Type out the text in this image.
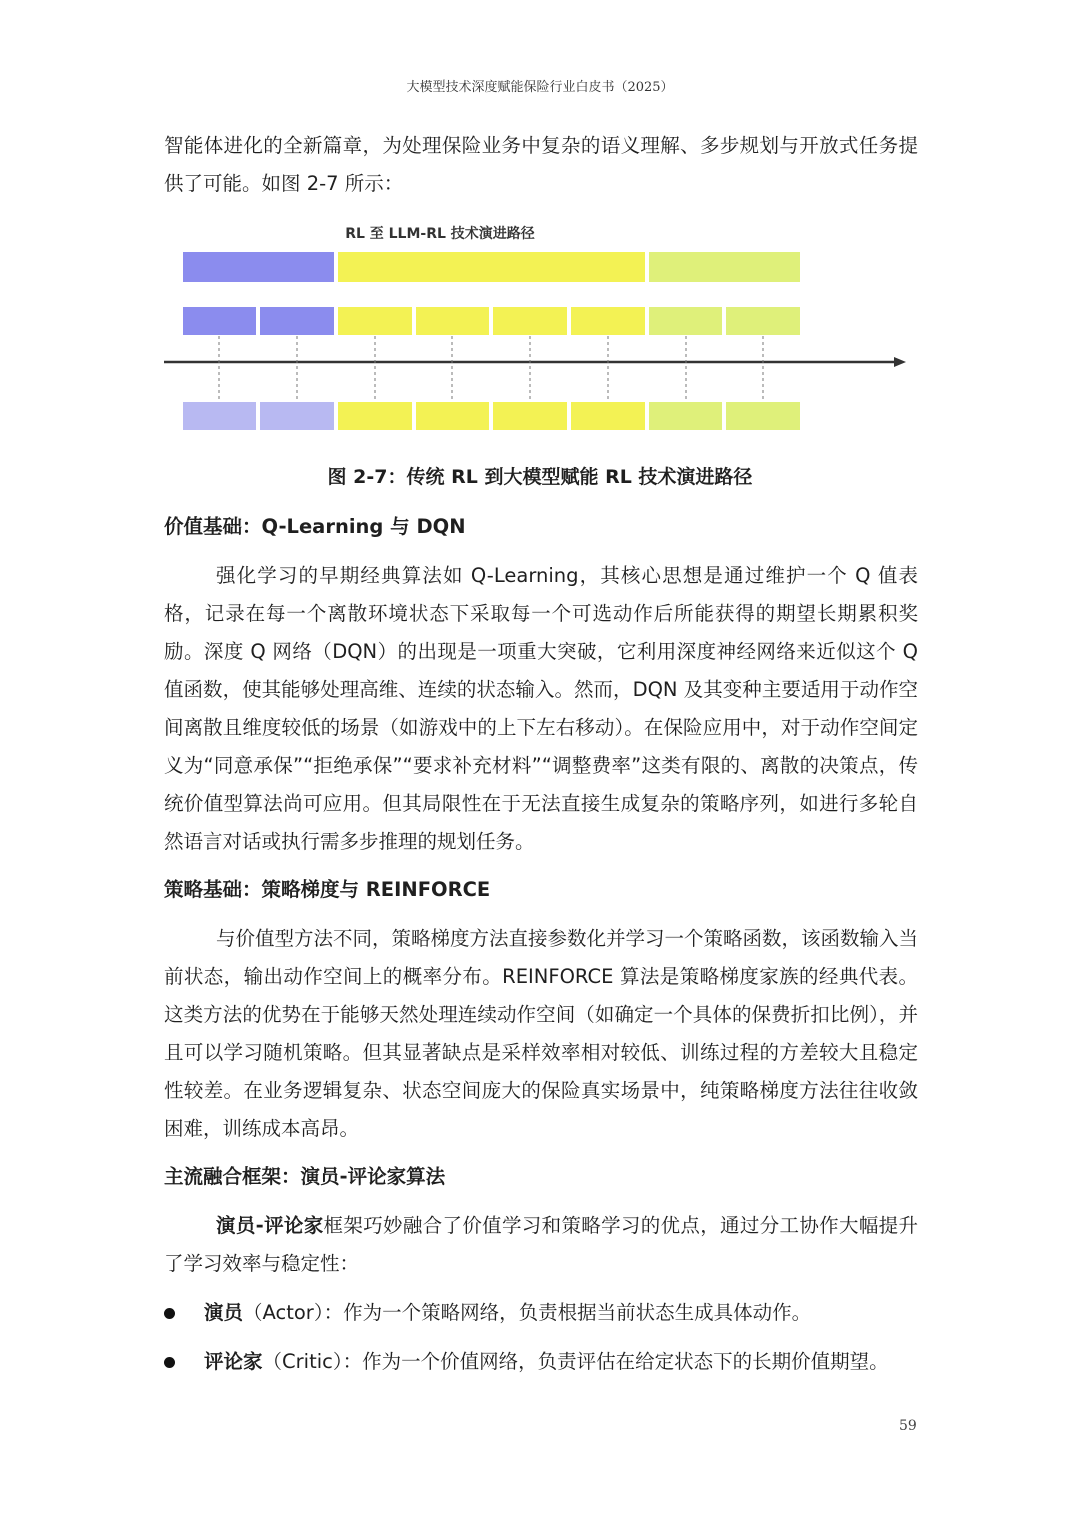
大模型技术深度赋能保险行业白皮书（2025）

智能体进化的全新篇章，为处理保险业务中复杂的语义理解、多步规划与开放式任务提供了可能。如图 2-7 所示：

RL 至 LLM-RL 技术演进路径
图 2-7：传统 RL 到大模型赋能 RL 技术演进路径

价值基础：Q-Learning 与 DQN

强化学习的早期经典算法如 Q-Learning，其核心思想是通过维护一个 Q 值表格，记录在每一个离散环境状态下采取每一个可选动作后所能获得的期望长期累积奖励。深度 Q 网络（DQN）的出现是一项重大突破，它利用深度神经网络来近似这个 Q 值函数，使其能够处理高维、连续的状态输入。然而，DQN 及其变种主要适用于动作空间离散且维度较低的场景（如游戏中的上下左右移动）。在保险应用中，对于动作空间定义为“同意承保”“拒绝承保”“要求补充材料”“调整费率”这类有限的、离散的决策点，传统价值型算法尚可应用。但其局限性在于无法直接生成复杂的策略序列，如进行多轮自然语言对话或执行需多步推理的规划任务。

策略基础：策略梯度与 REINFORCE

与价值型方法不同，策略梯度方法直接参数化并学习一个策略函数，该函数输入当前状态，输出动作空间上的概率分布。REINFORCE 算法是策略梯度家族的经典代表。这类方法的优势在于能够天然处理连续动作空间（如确定一个具体的保费折扣比例），并且可以学习随机策略。但其显著缺点是采样效率相对较低、训练过程的方差较大且稳定性较差。在业务逻辑复杂、状态空间庞大的保险真实场景中，纯策略梯度方法往往收敛困难，训练成本高昂。

主流融合框架：演员-评论家算法

演员-评论家框架巧妙融合了价值学习和策略学习的优点，通过分工协作大幅提升了学习效率与稳定性：

演员（Actor）：作为一个策略网络，负责根据当前状态生成具体动作。
评论家（Critic）：作为一个价值网络，负责评估在给定状态下的长期价值期望。
59
